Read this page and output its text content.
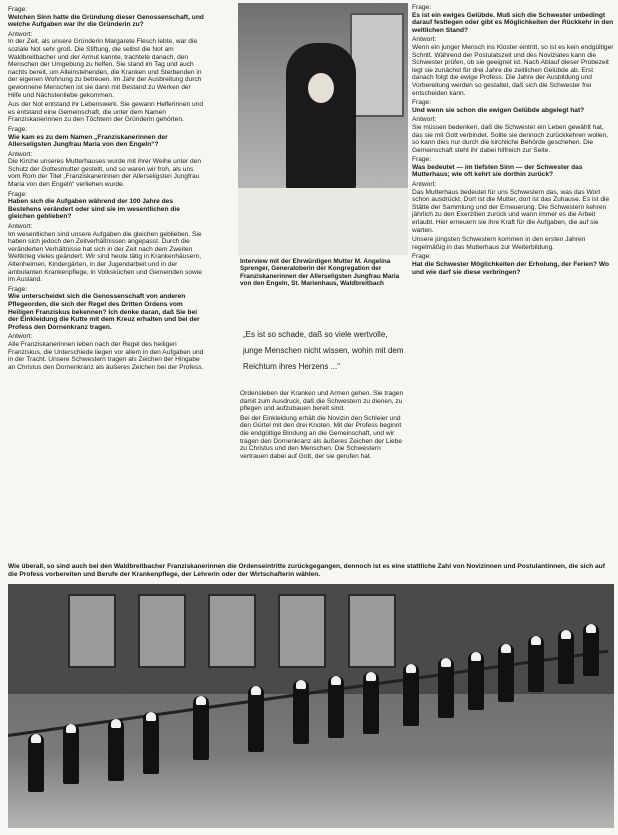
Frage:
Welchen Sinn hatte die Gründung dieser Genossenschaft, und welche Aufgaben war ihr die Gründerin zu?

Antwort:
In der Zeit, als unsere Gründerin Margarete Flesch lebte, war die soziale Not sehr groß. Die Stiftung, die selbst die Not am Waldbreitbacher und der Armut kannte, trachtete danach, den Menschen der Umgebung zu helfen. Sie stand im Tag und auch nachts bereit, um Alleinstehenden, die Kranken und Sterbenden in der eigenen Wohnung zu betreuen. Im Jahr der Ausbreitung durch gewonnene Menschen ist sie dann mit Bestand zu Werken der Hilfe und Nächstenliebe gekommen.

Aus der Not entstand ihr Lebenswerk. Sie gewann Helferinnen und es entstand eine Gemeinschaft, die unter dem Namen Franziskanerinnen zu den Töchtern der Gründerin gehörten.

Frage:
Wie kam es zu dem Namen „Franziskanerinnen der Allerseligsten Jungfrau Maria von den Engeln“?

Antwort:
Die Kirche unseres Mutterhauses wurde mit ihrer Weihe unter den Schutz der Gottesmutter gestellt, und so waren wir froh, als uns vom Rom der Titel „Franziskanerinnen der Allerseligsten Jungfrau Maria von den Engeln“ verliehen wurde.

Frage:
Haben sich die Aufgaben während der 100 Jahre des Bestehens verändert oder sind sie im wesentlichen die gleichen geblieben?

Antwort:
Im wesentlichen sind unsere Aufgaben die gleichen geblieben. Sie haben sich jedoch den Zeitverhältnissen angepasst. Durch die veränderten Verhältnisse hat sich in der Zeit nach dem Zweiten Weltkrieg vieles geändert. Wir sind heute tätig in Krankenhäusern, Altenheimen, Kindergärten, in der Jugendarbeit und in der ambulanten Krankenpflege, in Volksküchen und Gemeinden sowie im Ausland.

Frage:
Wie unterscheidet sich die Genossenschaft von anderen Pflegeorden, die sich der Regel des Dritten Ordens vom Heiligen Franziskus bekennen? Ich denke daran, daß Sie bei der Einkleidung die Kutte mit dem Kreuz erhalten und bei der Profess den Dornenkranz tragen.

Antwort:
Alle Franziskanerinnen leben nach der Regel des heiligen Franziskus, die Unterschiede liegen vor allem in den Aufgaben und in der Tracht. Unsere Schwestern tragen als Zeichen der Hingabe an Christus den Dornenkranz als äußeres Zeichen bei der Profess.

Interview mit der Ehrwürdigen Mutter M. Angelina Sprenger, Generaloberin der Kongregation der Franziskanerinnen der Allerseligsten Jungfrau Maria von den Engeln, St. Marienhaus, Waldbreitbach
„Es ist so schade, daß so viele wertvolle, junge Menschen nicht wissen, wohin mit dem Reichtum ihres Herzens ...“

Ordensleben der Kranken und Armen gehen. Sie tragen damit zum Ausdruck, daß die Schwestern zu dienen, zu pflegen und aufzubauen bereit sind.

Bei der Einkleidung erhält die Novizin den Schleier und den Gürtel mit den drei Knoten. Mit der Profess beginnt die endgültige Bindung an die Gemeinschaft, und wir tragen den Dornenkranz als äußeres Zeichen der Liebe zu Christus und den Menschen. Die Schwestern vertrauen dabei auf Gott, der sie gerufen hat.

Frage:
Es ist ein ewiges Gelübde. Muß sich die Schwester unbedingt darauf festlegen oder gibt es Möglichkeiten der Rückkehr in den weltlichen Stand?

Antwort:
Wenn ein junger Mensch ins Kloster eintritt, so ist es kein endgültiger Schritt. Während der Postulatszeit und des Noviziates kann die Schwester prüfen, ob sie geeignet ist. Nach Ablauf dieser Probezeit legt sie zunächst für drei Jahre die zeitlichen Gelübde ab. Erst danach folgt die ewige Profess. Die Jahre der Ausbildung und Vorbereitung werden so gestaltet, daß sich die Schwester frei entscheiden kann.

Frage:
Und wenn sie schon die ewigen Gelübde abgelegt hat?

Antwort:
Sie müssen bedenken, daß die Schwester ein Leben gewählt hat, das sie mit Gott verbindet. Sollte sie dennoch zurückkehren wollen, so kann dies nur durch die kirchliche Behörde geschehen. Die Gemeinschaft steht ihr dabei hilfreich zur Seite.

Frage:
Was bedeutet — im tiefsten Sinn — der Schwester das Mutterhaus; wie oft kehrt sie dorthin zurück?

Antwort:
Das Mutterhaus bedeutet für uns Schwestern das, was das Wort schon ausdrückt. Dort ist die Mutter, dort ist das Zuhause. Es ist die Stätte der Sammlung und der Erneuerung. Die Schwestern kehren jährlich zu den Exerzitien zurück und wann immer es die Arbeit erlaubt. Hier erneuern sie ihre Kraft für die Aufgaben, die auf sie warten.

Unsere jüngsten Schwestern kommen in den ersten Jahren regelmäßig in das Mutterhaus zur Weiterbildung.

Frage:
Hat die Schwester Möglichkeiten der Erholung, der Ferien? Wo und wie darf sie diese verbringen?

Wie überall, so sind auch bei den Waldbreitbacher Franziskanerinnen die Ordenseintritte zurückgegangen, dennoch ist es eine stattliche Zahl von Novizinnen und Postulantinnen, die sich auf die Profess vorbereiten und Berufe der Krankenpflege, der Lehrerin oder der Wirtschafterin wählen.
